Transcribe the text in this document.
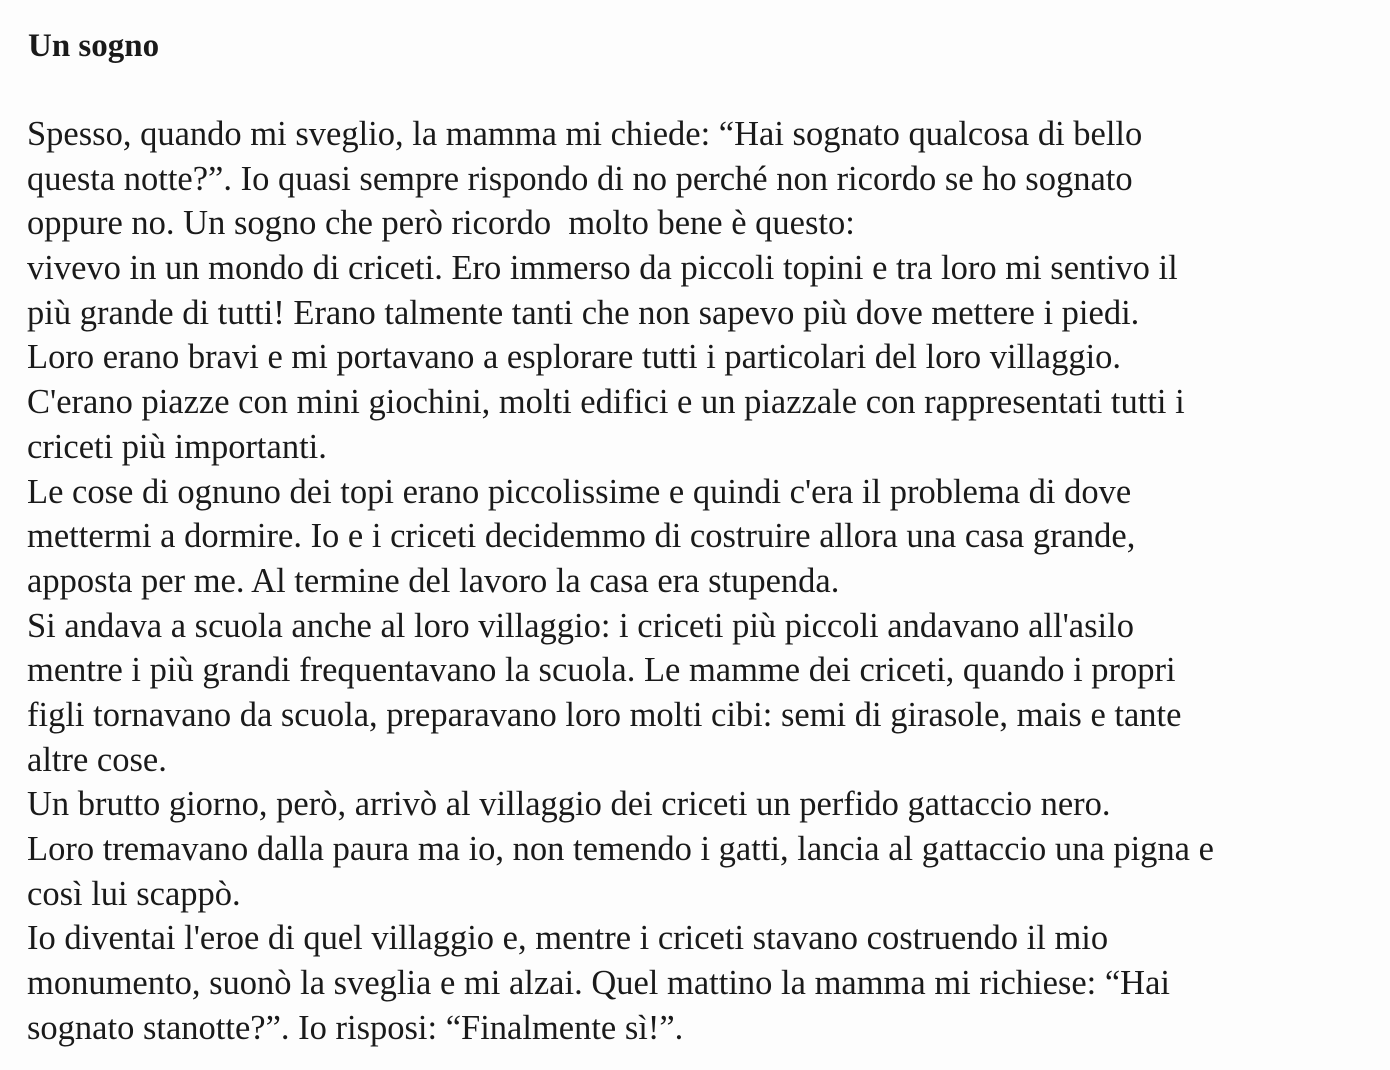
Un sogno
Spesso, quando mi sveglio, la mamma mi chiede: “Hai sognato qualcosa di bello
questa notte?”. Io quasi sempre rispondo di no perché non ricordo se ho sognato
oppure no. Un sogno che però ricordo  molto bene è questo:
vivevo in un mondo di criceti. Ero immerso da piccoli topini e tra loro mi sentivo il
più grande di tutti! Erano talmente tanti che non sapevo più dove mettere i piedi.
Loro erano bravi e mi portavano a esplorare tutti i particolari del loro villaggio.
C'erano piazze con mini giochini, molti edifici e un piazzale con rappresentati tutti i
criceti più importanti.
Le cose di ognuno dei topi erano piccolissime e quindi c'era il problema di dove
mettermi a dormire. Io e i criceti decidemmo di costruire allora una casa grande,
apposta per me. Al termine del lavoro la casa era stupenda.
Si andava a scuola anche al loro villaggio: i criceti più piccoli andavano all'asilo
mentre i più grandi frequentavano la scuola. Le mamme dei criceti, quando i propri
figli tornavano da scuola, preparavano loro molti cibi: semi di girasole, mais e tante
altre cose.
Un brutto giorno, però, arrivò al villaggio dei criceti un perfido gattaccio nero.
Loro tremavano dalla paura ma io, non temendo i gatti, lancia al gattaccio una pigna e
così lui scappò.
Io diventai l'eroe di quel villaggio e, mentre i criceti stavano costruendo il mio
monumento, suonò la sveglia e mi alzai. Quel mattino la mamma mi richiese: “Hai
sognato stanotte?”. Io risposi: “Finalmente sì!”.
